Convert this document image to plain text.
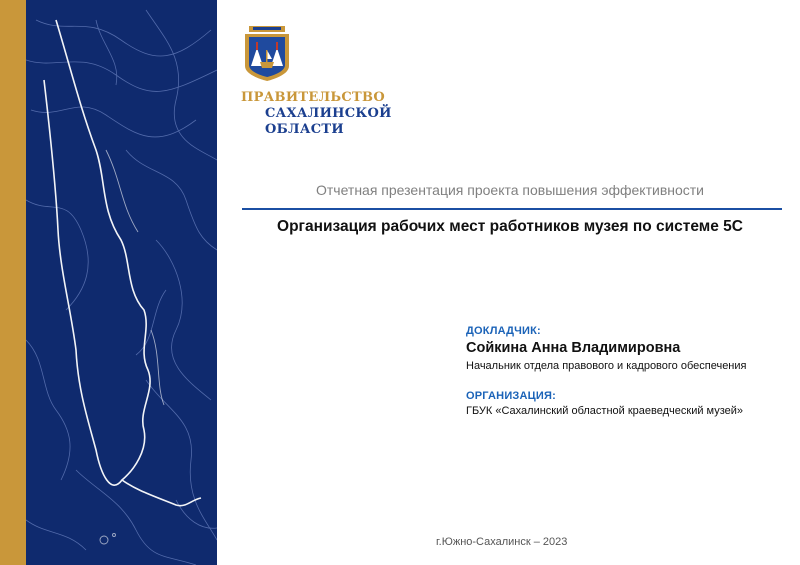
ПРАВИТЕЛЬСТВО
САХАЛИНСКОЙ
ОБЛАСТИ
Отчетная презентация проекта повышения эффективности
Организация рабочих мест работников музея по системе 5С
ДОКЛАДЧИК:
Сойкина Анна Владимировна
Начальник отдела правового и кадрового обеспечения
ОРГАНИЗАЦИЯ:
ГБУК «Сахалинский областной краеведческий музей»
г.Южно-Сахалинск – 2023
